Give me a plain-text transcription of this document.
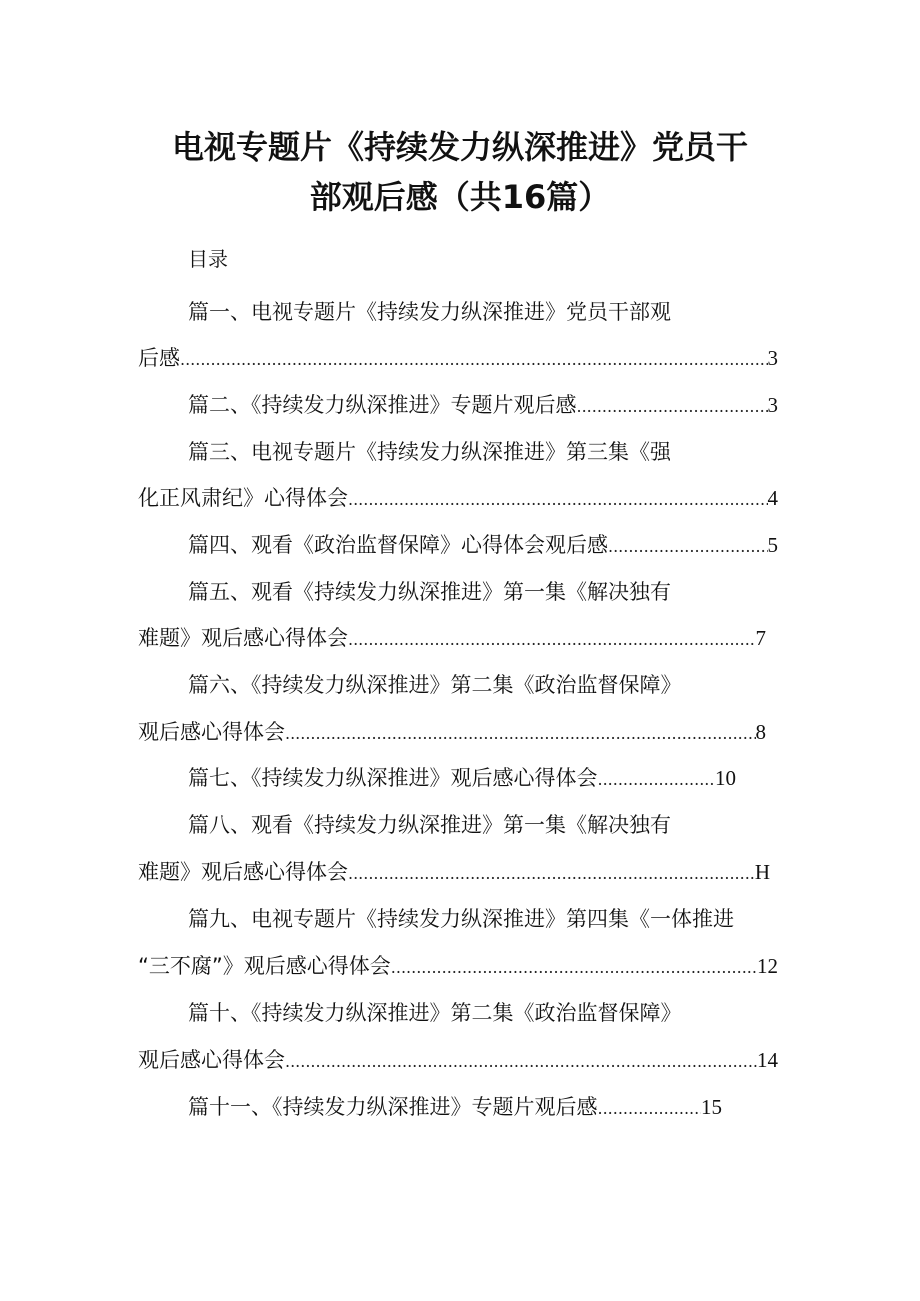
电视专题片《持续发力纵深推进》党员干
部观后感（共16篇）
目录
篇一、电视专题片《持续发力纵深推进》党员干部观
后感 .....	3
篇二、《持续发力纵深推进》专题片观后感 .....	3
篇三、电视专题片《持续发力纵深推进》第三集《强
化正风肃纪》心得体会 .....	4
篇四、观看《政治监督保障》心得体会观后感 .....	5
篇五、观看《持续发力纵深推进》第一集《解决独有
难题》观后感心得体会 .....	7
篇六、《持续发力纵深推进》第二集《政治监督保障》
观后感心得体会 .....	8
篇七、《持续发力纵深推进》观后感心得体会 .....	10
篇八、观看《持续发力纵深推进》第一集《解决独有
难题》观后感心得体会 .....	H
篇九、电视专题片《持续发力纵深推进》第四集《一体推进
“三不腐”》观后感心得体会 .....	12
篇十、《持续发力纵深推进》第二集《政治监督保障》
观后感心得体会 .....	14
篇十一、《持续发力纵深推进》专题片观后感 .....	15
